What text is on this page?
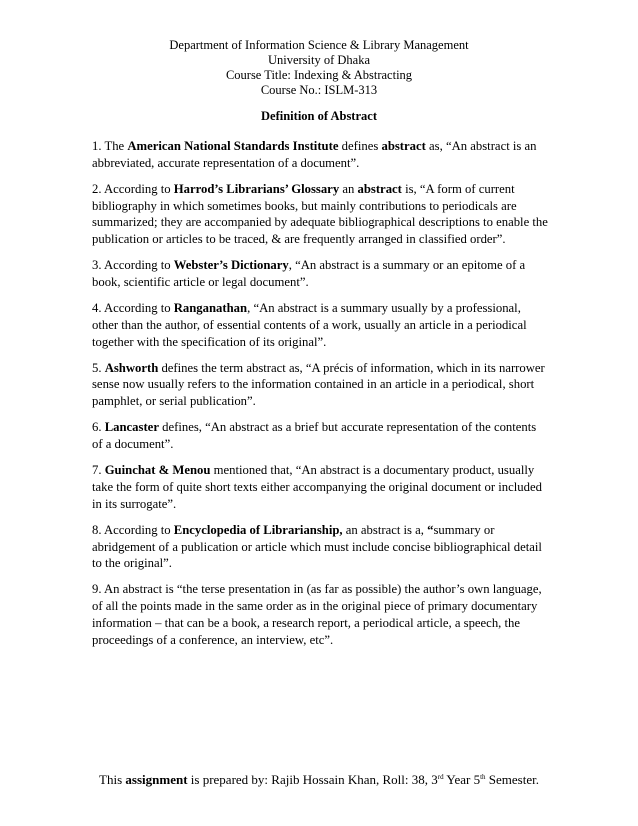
Department of Information Science & Library Management
University of Dhaka
Course Title: Indexing & Abstracting
Course No.: ISLM-313
Definition of Abstract

1. The American National Standards Institute defines abstract as, “An abstract is an abbreviated, accurate representation of a document”.

2. According to Harrod’s Librarians’ Glossary an abstract is, “A form of current bibliography in which sometimes books, but mainly contributions to periodicals are summarized; they are accompanied by adequate bibliographical descriptions to enable the publication or articles to be traced, & are frequently arranged in classified order”.

3. According to Webster’s Dictionary, “An abstract is a summary or an epitome of a book, scientific article or legal document”.

4. According to Ranganathan, “An abstract is a summary usually by a professional, other than the author, of essential contents of a work, usually an article in a periodical together with the specification of its original”.

5. Ashworth defines the term abstract as, “A précis of information, which in its narrower sense now usually refers to the information contained in an article in a periodical, short pamphlet, or serial publication”.

6. Lancaster defines, “An abstract as a brief but accurate representation of the contents of a document”.

7. Guinchat & Menou mentioned that, “An abstract is a documentary product, usually take the form of quite short texts either accompanying the original document or included in its surrogate”.

8. According to Encyclopedia of Librarianship, an abstract is a, “summary or abridgement of a publication or article which must include concise bibliographical detail to the original”.

9. An abstract is “the terse presentation in (as far as possible) the author’s own language, of all the points made in the same order as in the original piece of primary documentary information – that can be a book, a research report, a periodical article, a speech, the proceedings of a conference, an interview, etc”.

This assignment is prepared by: Rajib Hossain Khan, Roll: 38, 3rd Year 5th Semester.
